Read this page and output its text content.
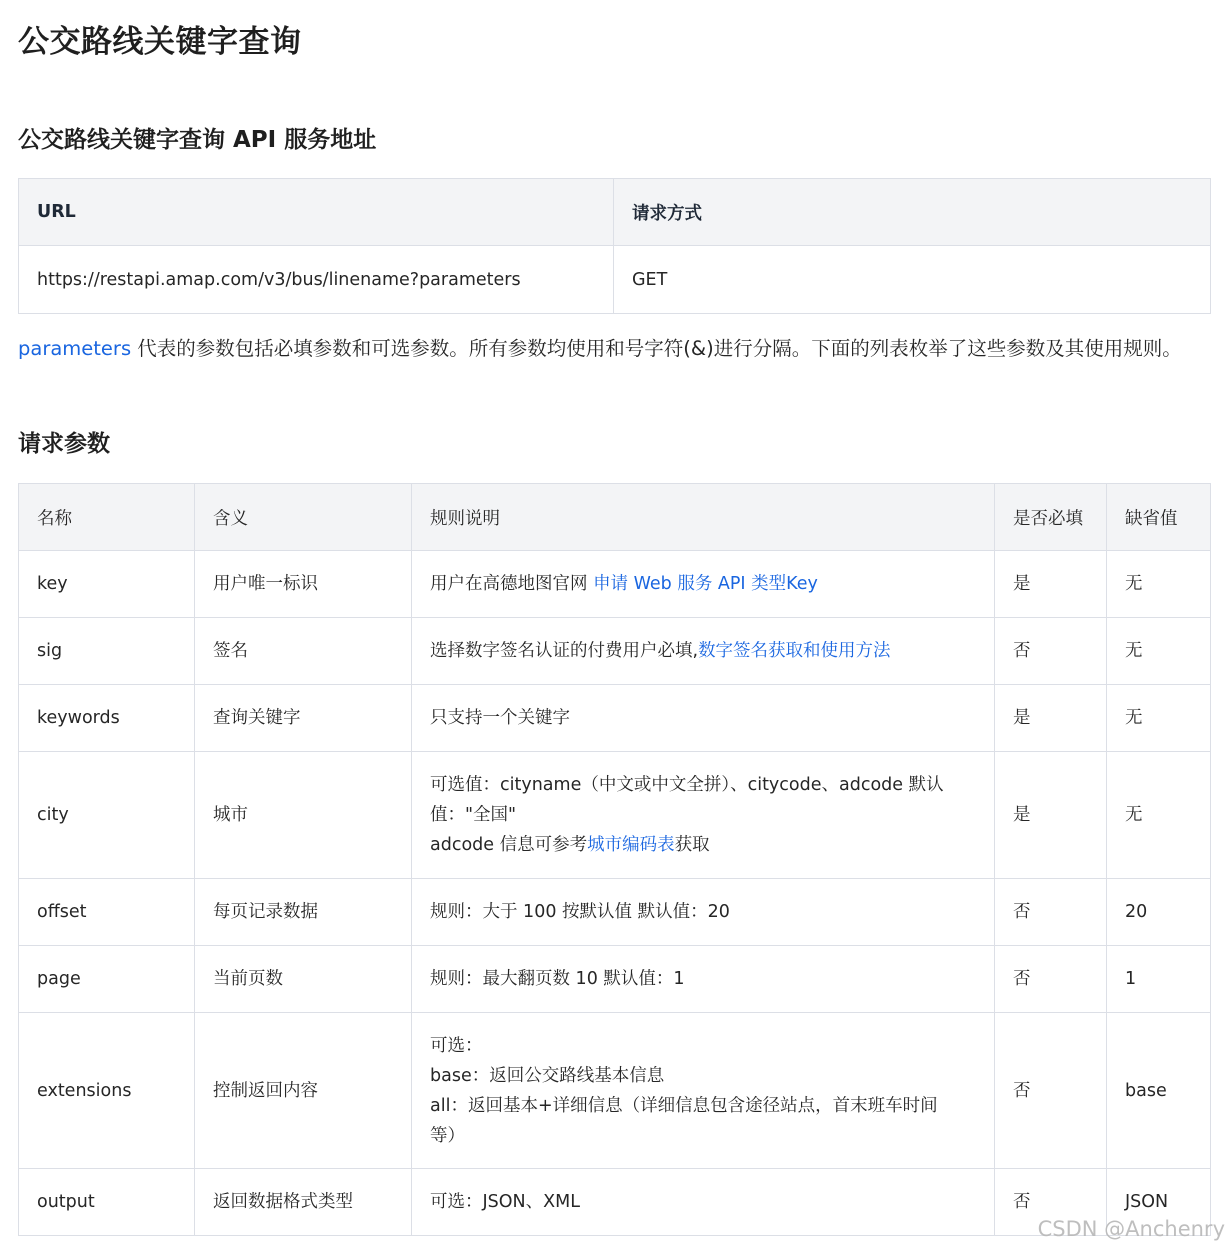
公交路线关键字查询
公交路线关键字查询 API 服务地址
URL	请求方式
https://restapi.amap.com/v3/bus/linename?parameters	GET

parameters 代表的参数包括必填参数和可选参数。所有参数均使用和号字符(&)进行分隔。下面的列表枚举了这些参数及其使用规则。

请求参数
名称	含义	规则说明	是否必填	缺省值
key	用户唯一标识	用户在高德地图官网 申请 Web 服务 API 类型Key	是	无
sig	签名	选择数字签名认证的付费用户必填,数字签名获取和使用方法	否	无
keywords	查询关键字	只支持一个关键字	是	无
city	城市	可选值：cityname（中文或中文全拼）、citycode、adcode 默认
值："全国"
adcode 信息可参考城市编码表获取	是	无
offset	每页记录数据	规则：大于 100 按默认值 默认值：20	否	20
page	当前页数	规则：最大翻页数 10 默认值：1	否	1
extensions	控制返回内容	可选：
base：返回公交路线基本信息
all：返回基本+详细信息（详细信息包含途径站点，首末班车时间
等）	否	base
output	返回数据格式类型	可选：JSON、XML	否	JSON
CSDN @Anchenry
